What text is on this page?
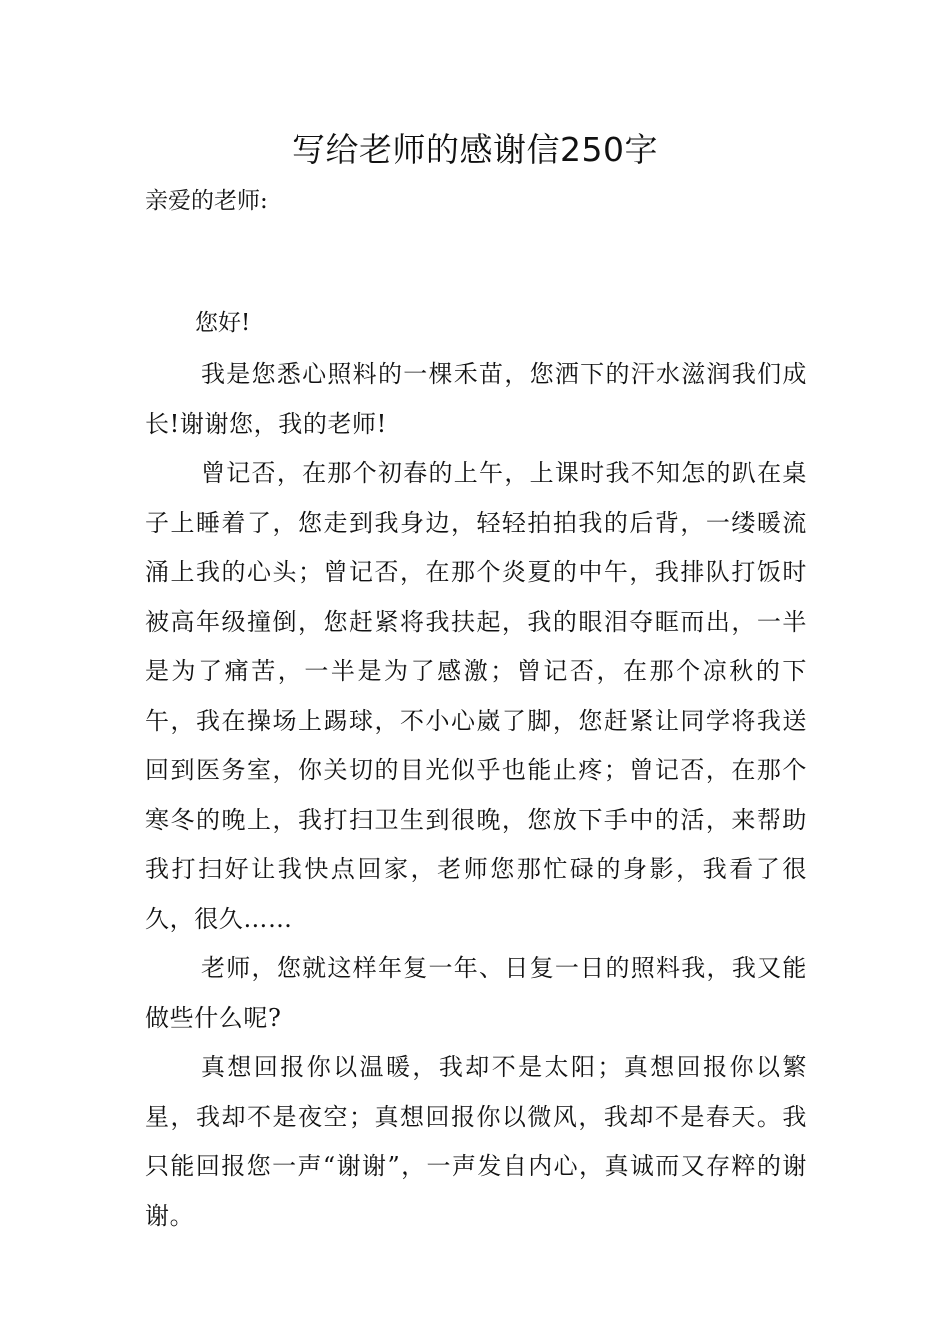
写给老师的感谢信250字

亲爱的老师:

您好!

我是您悉心照料的一棵禾苗，您洒下的汗水滋润我们成长!谢谢您，我的老师!

曾记否，在那个初春的上午，上课时我不知怎的趴在桌子上睡着了，您走到我身边，轻轻拍拍我的后背，一缕暖流涌上我的心头；曾记否，在那个炎夏的中午，我排队打饭时被高年级撞倒，您赶紧将我扶起，我的眼泪夺眶而出，一半是为了痛苦，一半是为了感激；曾记否，在那个凉秋的下午，我在操场上踢球，不小心崴了脚，您赶紧让同学将我送回到医务室，你关切的目光似乎也能止疼；曾记否，在那个寒冬的晚上，我打扫卫生到很晚，您放下手中的活，来帮助我打扫好让我快点回家，老师您那忙碌的身影，我看了很久，很久……

老师，您就这样年复一年、日复一日的照料我，我又能做些什么呢?

真想回报你以温暖，我却不是太阳；真想回报你以繁星，我却不是夜空；真想回报你以微风，我却不是春天。我只能回报您一声“谢谢”，一声发自内心，真诚而又存粹的谢谢。
